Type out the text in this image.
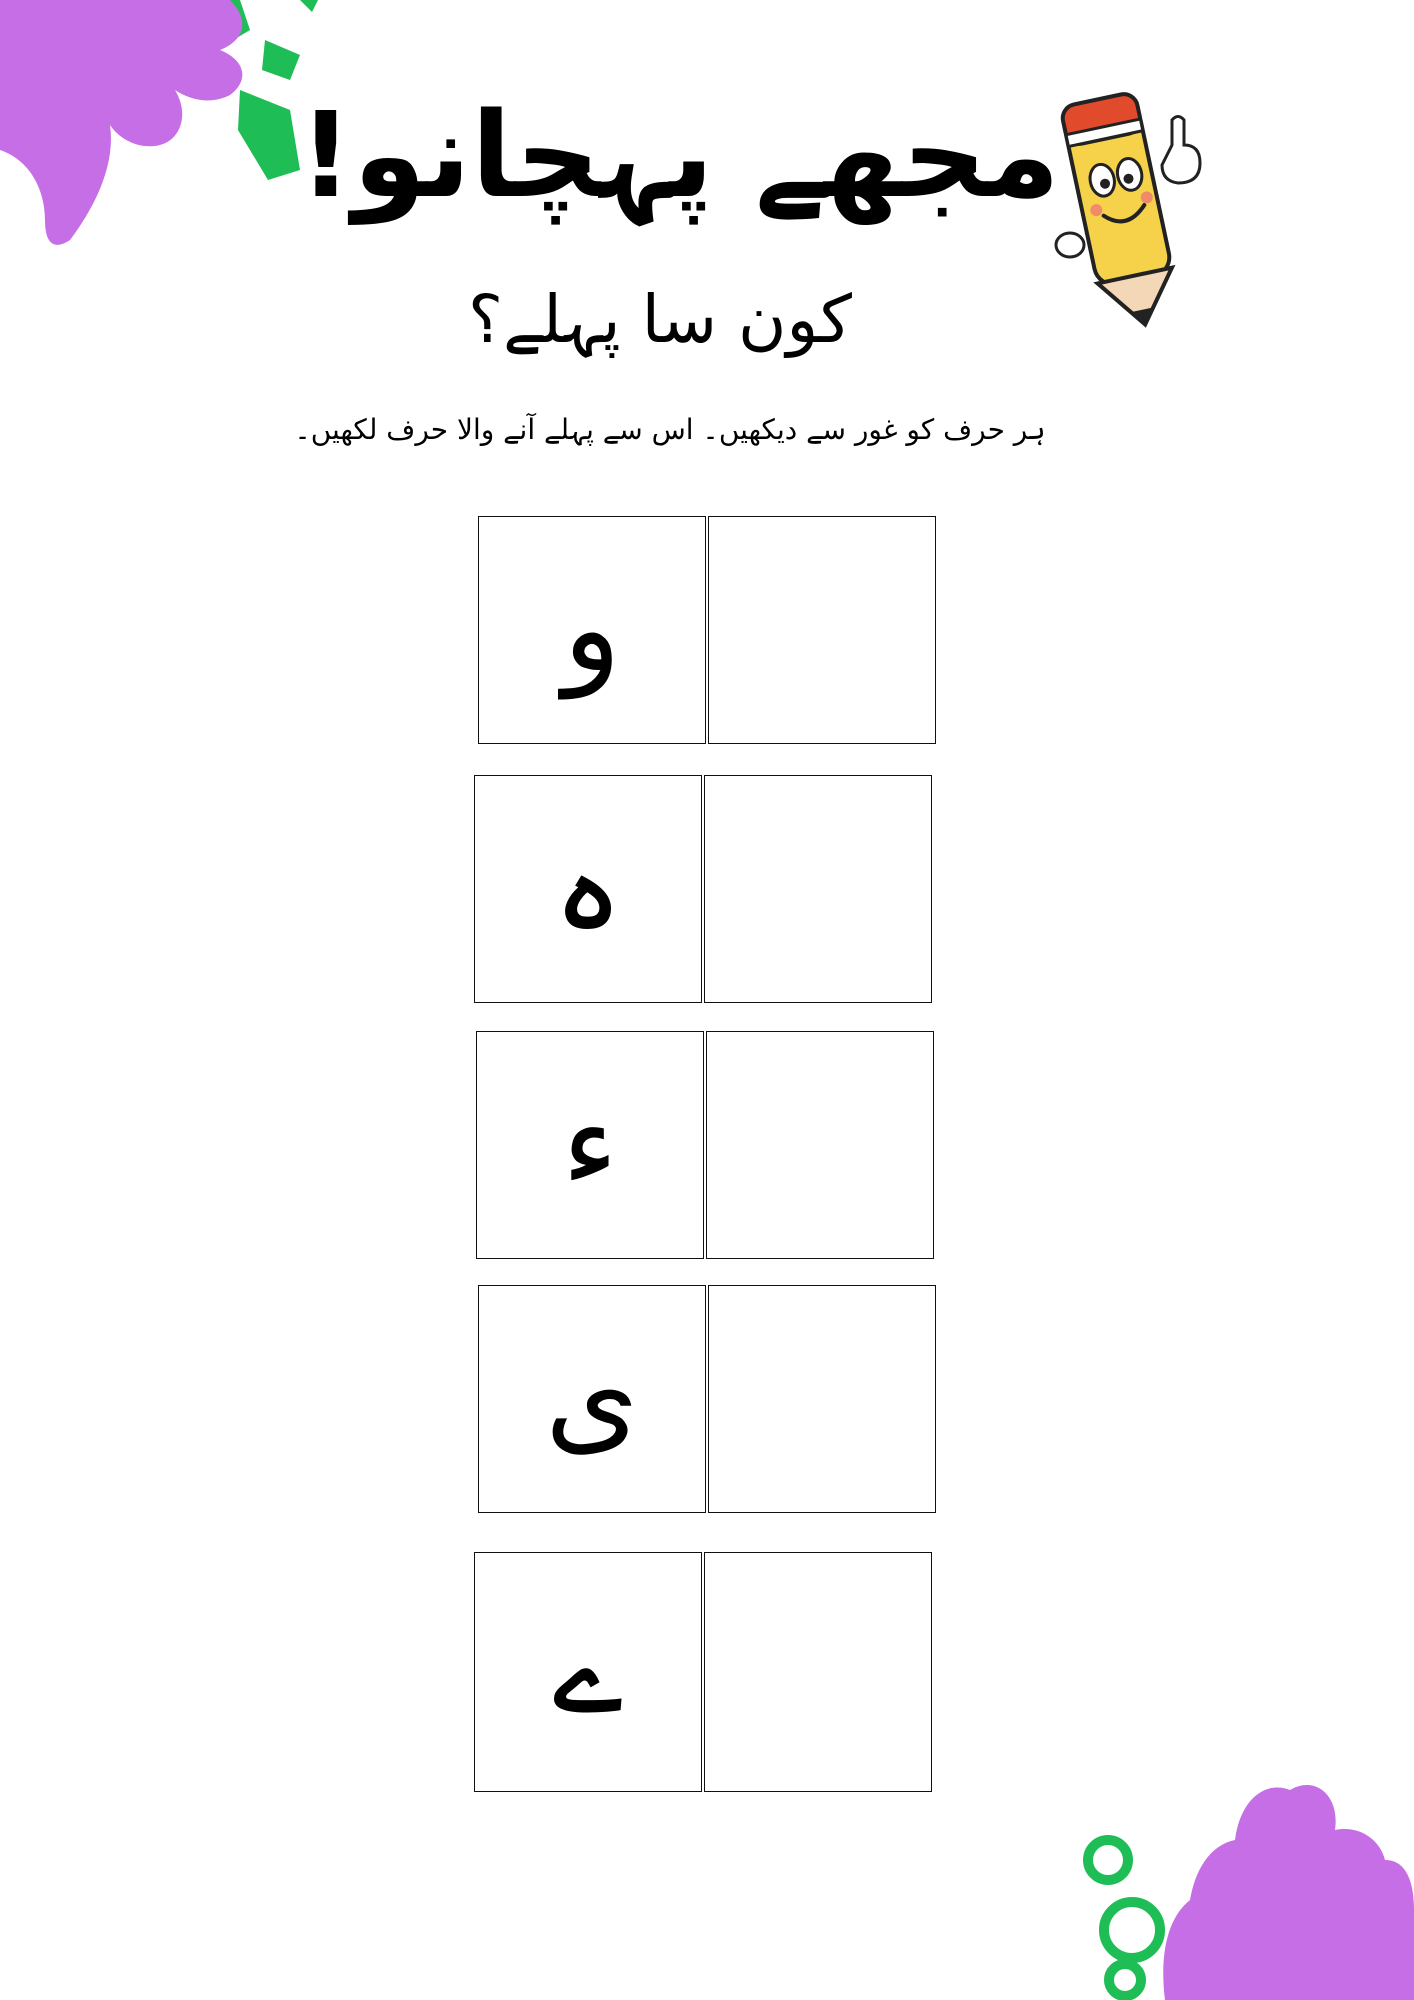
مجھے پہچانو!
کون سا پہلے؟
ہر حرف کو غور سے دیکھیں۔ اس سے پہلے آنے والا حرف لکھیں۔
و
ہ
ء
ی
ے
